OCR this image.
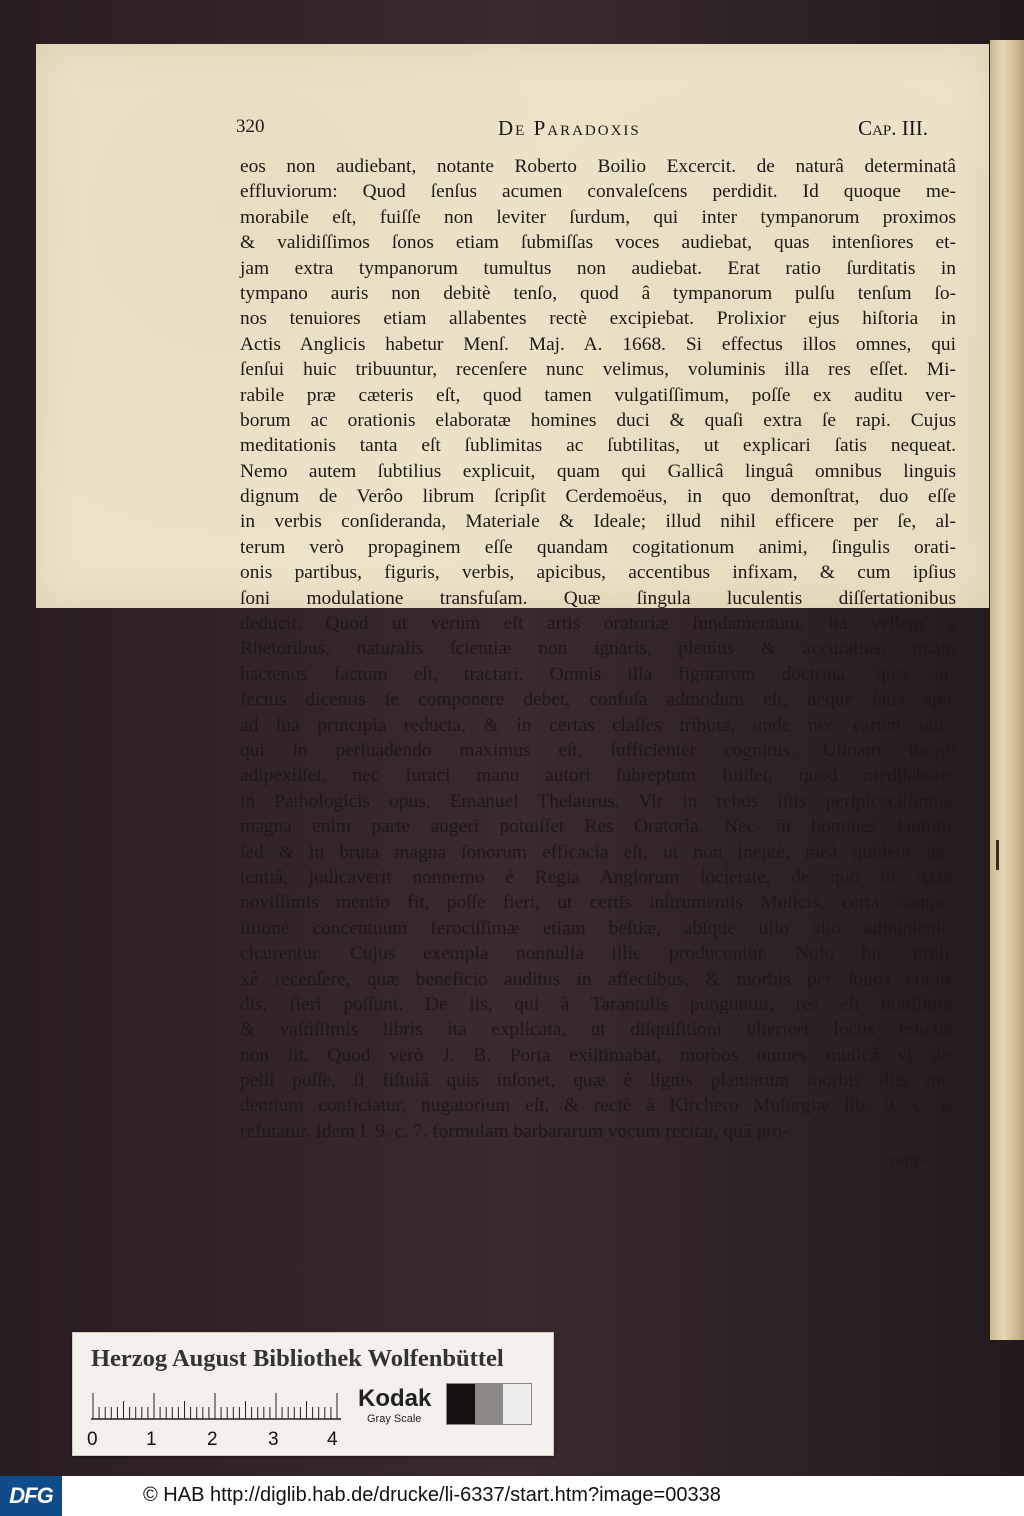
320	De Paradoxis	Cap. III.
eos non audiebant, notante Roberto Boilio Excercit. de naturâ determinatâ
effluviorum: Quod ſenſus acumen convaleſcens perdidit. Id quoque me-
morabile eſt, fuiſſe non leviter ſurdum, qui inter tympanorum proximos
& validiſſimos ſonos etiam ſubmiſſas voces audiebat, quas intenſiores et-
jam extra tympanorum tumultus non audiebat. Erat ratio ſurditatis in
tympano auris non debitè tenſo, quod â tympanorum pulſu tenſum ſo-
nos tenuiores etiam allabentes rectè excipiebat. Prolixior ejus hiſtoria in
Actis Anglicis habetur Menſ. Maj. A. 1668. Si effectus illos omnes, qui
ſenſui huic tribuuntur, recenſere nunc velimus, voluminis illa res eſſet. Mi-
rabile præ cæteris eſt, quod tamen vulgatiſſimum, poſſe ex auditu ver-
borum ac orationis elaboratæ homines duci & quaſi extra ſe rapi. Cujus
meditationis tanta eſt ſublimitas ac ſubtilitas, ut explicari ſatis nequeat.
Nemo autem ſubtilius explicuit, quam qui Gallicâ linguâ omnibus linguis
dignum de Verôo librum ſcripſit Cerdemoëus, in quo demonſtrat, duo eſſe
in verbis conſideranda, Materiale & Ideale; illud nihil efficere per ſe, al-
terum verò propaginem eſſe quandam cogitationum animi, ſingulis orati-
onis partibus, figuris, verbis, apicibus, accentibus infixam, & cum ipſius
ſoni modulatione transfuſam. Quæ ſingula luculentis diſſertationibus
deducit. Quod ut verum eſt artis oratoriæ fundamentum, ita vellem à
Rhetoribus, naturalis ſcientiæ non ignaris, plenius & accuratius, quàm
hactenus factum eſt, tractari. Omnis illa figurarum doctrina, quæ af-
fectus dicentis ſe componere debet, confuſa admodum eſt, neque ſatis aptè
ad ſua principia reducta, & in certas claſſes tributa, unde nec earum uſus,
qui in perſuadendo maximus eſt, ſufficienter cognitus. Utinam lucem
adſpexiſſet, nec furaci manu autori ſubreptum fuiſſet, quod meditabatur
in Pathologicis opus, Emanuel Theſaurus, Vir in rebus iſtis perſpicaciſſimus;
magna enim parte augeri potuiſſet Res Oratoria. Nec in homines tantum,
ſed & in bruta magna ſonorum efficacia eſt, ut non ineptè, meâ quidem ſen-
tentiâ, judicaverit nonnemo è Regia Anglorum ſocietate, de quo in Actis
noviſſimis mentio fit, poſſe fieri, ut certis inſtrumentis Muſicis, certa compo-
ſitione concentuum ferociſſimæ etiam beſtiæ, abſque ullo alio adminiculo,
cicurentur. Cujus exempla nonnulla illic producuntur. Nolo hic proli-
xè recenſere, quæ beneficio auditus in affectibus, & morbis per ſonos curan-
dis, fieri poſſunt. De iis, qui à Tarantulis punguntur, res eſt notiſſima,
& vaſtiſſimis libris ita explicata, ut diſquiſitioni ulteriori locus relictus
non ſit. Quod verò J. B. Porta exiſtimabat, morbos omnes muſicâ vi de-
pelli poſſe, ſi fiſtulâ quis inſonet, quæ è lignis plantarum morbis illis me-
dentium conficiatur, nugatorium eſt, & rectè à Kirchero Muſurgiæ lib. 9. c. 8.
refutatur. Idem l. 9. c. 7. formulam barbararum vocum recitat, quâ pro-
nun-
Herzog August Bibliothek Wolfenbüttel
0	1	2	3	4
Kodak
Gray Scale
DFG	© HAB http://diglib.hab.de/drucke/li-6337/start.htm?image=00338
